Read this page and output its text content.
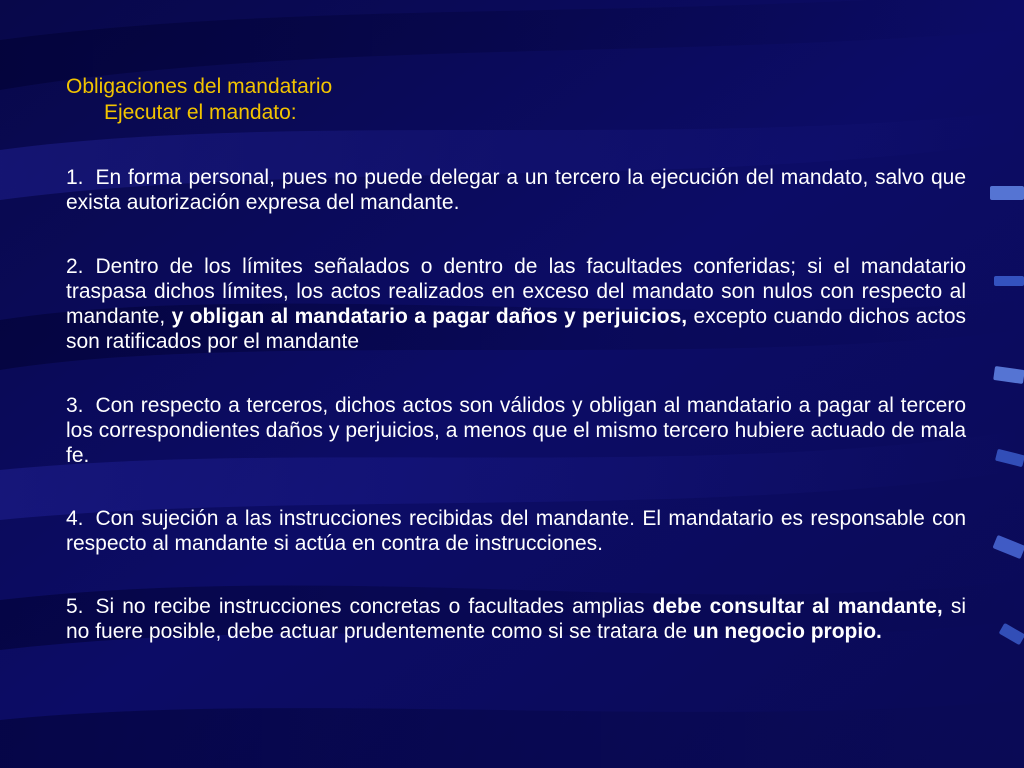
Obligaciones del mandatario

Ejecutar el mandato:

1. En forma personal, pues no puede delegar a un tercero la ejecución del mandato, salvo que exista autorización expresa del mandante.

2. Dentro de los límites señalados o dentro de las facultades conferidas; si el mandatario traspasa dichos límites, los actos realizados en exceso del mandato son nulos con respecto al mandante, y obligan al mandatario a pagar daños y perjuicios, excepto cuando dichos actos son ratificados por el mandante

3. Con respecto a terceros, dichos actos son válidos y obligan al mandatario a pagar al tercero los correspondientes daños y perjuicios, a menos que el mismo tercero hubiere actuado de mala fe.

4. Con sujeción a las instrucciones recibidas del mandante. El mandatario es responsable con respecto al mandante si actúa en contra de instrucciones.

5. Si no recibe instrucciones concretas o facultades amplias debe consultar al mandante, si no fuere posible, debe actuar prudentemente como si se tratara de un negocio propio.
